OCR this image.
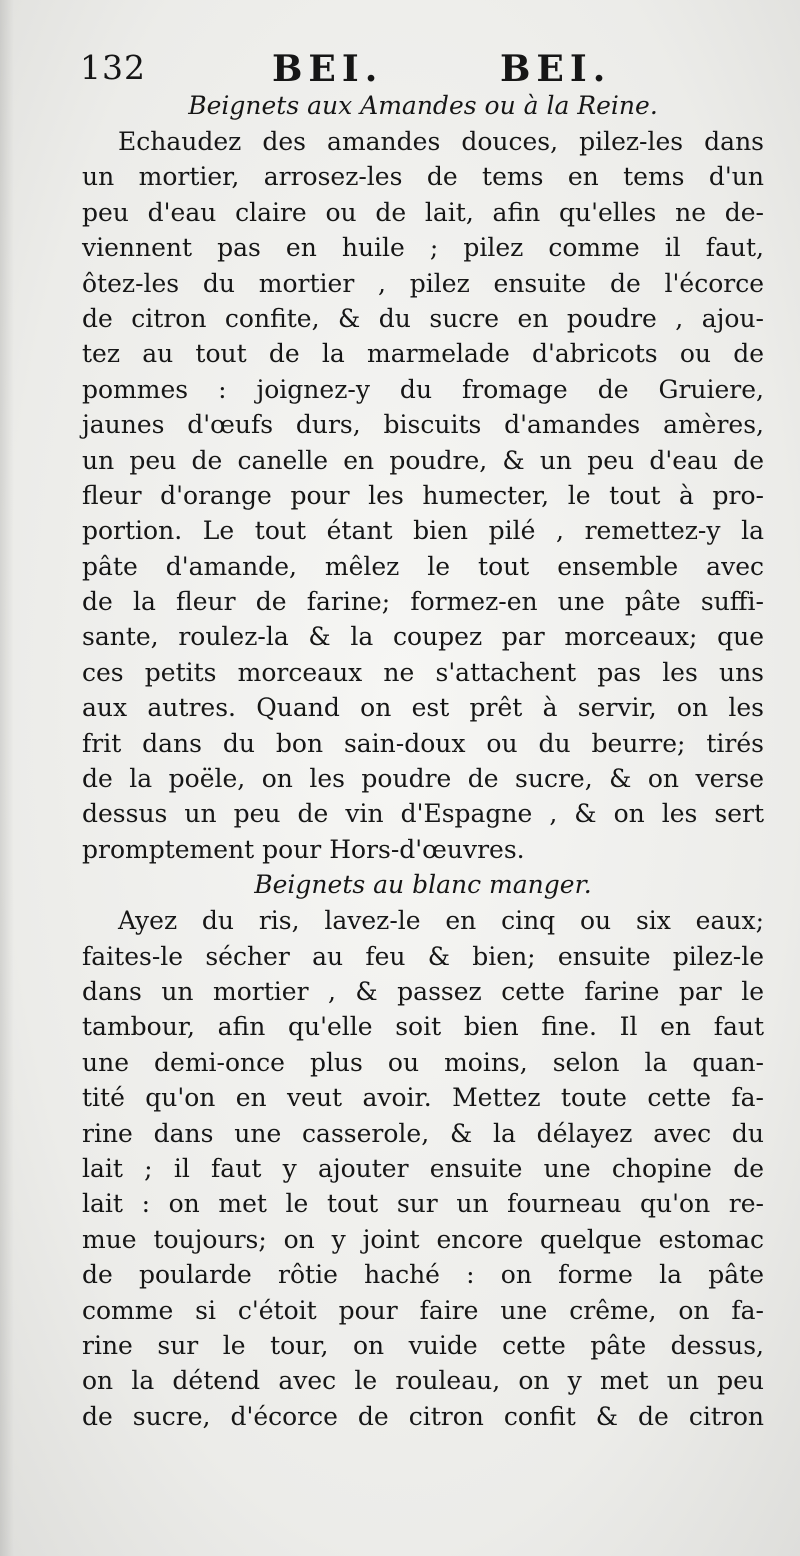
132	BEI.	BEI.
Beignets aux Amandes ou à la Reine.
Echaudez des amandes douces, pilez-les dans
un mortier, arrosez-les de tems en tems d'un
peu d'eau claire ou de lait, afin qu'elles ne de-
viennent pas en huile ; pilez comme il faut,
ôtez-les du mortier , pilez ensuite de l'écorce
de citron confite, & du sucre en poudre , ajou-
tez au tout de la marmelade d'abricots ou de
pommes : joignez-y du fromage de Gruiere,
jaunes d'œufs durs, biscuits d'amandes amères,
un peu de canelle en poudre, & un peu d'eau de
fleur d'orange pour les humecter, le tout à pro-
portion. Le tout étant bien pilé , remettez-y la
pâte d'amande, mêlez le tout ensemble avec
de la fleur de farine; formez-en une pâte suffi-
sante, roulez-la & la coupez par morceaux; que
ces petits morceaux ne s'attachent pas les uns
aux autres. Quand on est prêt à servir, on les
frit dans du bon sain-doux ou du beurre; tirés
de la poële, on les poudre de sucre, & on verse
dessus un peu de vin d'Espagne , & on les sert
promptement pour Hors-d'œuvres.
Beignets au blanc manger.
Ayez du ris, lavez-le en cinq ou six eaux;
faites-le sécher au feu & bien; ensuite pilez-le
dans un mortier , & passez cette farine par le
tambour, afin qu'elle soit bien fine. Il en faut
une demi-once plus ou moins, selon la quan-
tité qu'on en veut avoir. Mettez toute cette fa-
rine dans une casserole, & la délayez avec du
lait ; il faut y ajouter ensuite une chopine de
lait : on met le tout sur un fourneau qu'on re-
mue toujours; on y joint encore quelque estomac
de poularde rôtie haché : on forme la pâte
comme si c'étoit pour faire une crême, on fa-
rine sur le tour, on vuide cette pâte dessus,
on la détend avec le rouleau, on y met un peu
de sucre, d'écorce de citron confit & de citron
